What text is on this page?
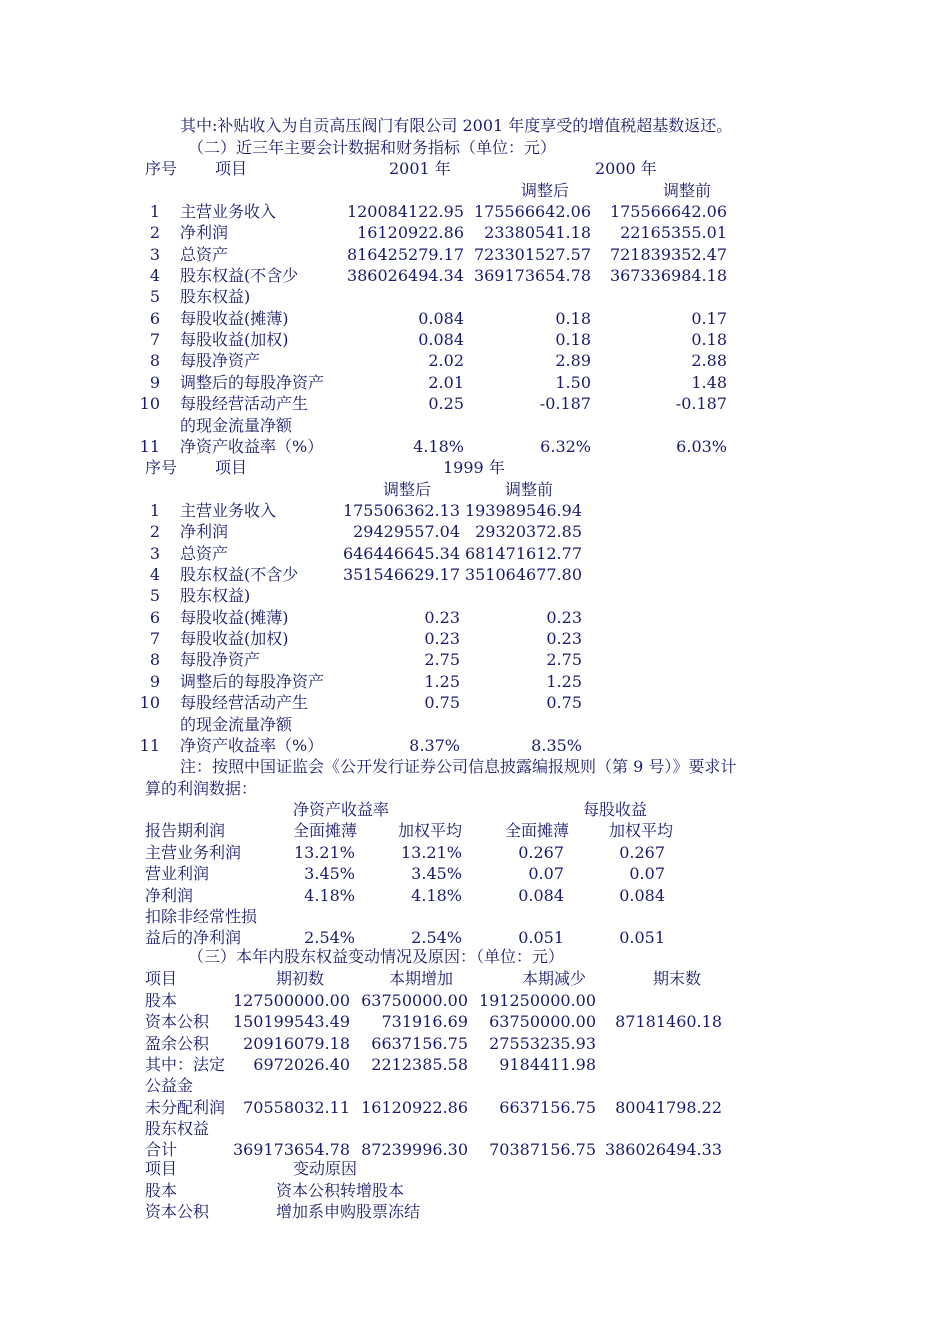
其中:补贴收入为自贡高压阀门有限公司 2001 年度享受的增值税超基数返还。
（二）近三年主要会计数据和财务指标（单位：元）
序号 项目	2001 年	2000 年
调整后	调整前
1 主营业务收入	120084122.95 175566642.06	175566642.06
2 净利润	16120922.86	23380541.18	22165355.01
3 总资产	816425279.17 723301527.57	721839352.47
4 股东权益(不含少	386026494.34 369173654.78	367336984.18
5 股东权益)
6 每股收益(摊薄)	0.084	0.18	0.17
7 每股收益(加权)	0.084	0.18	0.18
8 每股净资产	2.02	2.89	2.88
9 调整后的每股净资产	2.01	1.50	1.48
10 每股经营活动产生	0.25	-0.187	-0.187
的现金流量净额
11 净资产收益率（%）	4.18%	6.32%	6.03%
序号 项目	1999 年
调整后	调整前
1 主营业务收入	175506362.13 193989546.94
2 净利润	29429557.04 29320372.85
3 总资产	646446645.34 681471612.77
4 股东权益(不含少	351546629.17 351064677.80
5 股东权益)
6 每股收益(摊薄)	0.23	0.23
7 每股收益(加权)	0.23	0.23
8 每股净资产	2.75	2.75
9 调整后的每股净资产	1.25	1.25
10 每股经营活动产生	0.75	0.75
的现金流量净额
11 净资产收益率（%）	8.37%	8.35%
注：按照中国证监会《公开发行证券公司信息披露编报规则（第 9 号）》要求计
算的利润数据：
净资产收益率	每股收益
报告期利润	全面摊薄	加权平均	全面摊薄 加权平均
主营业务利润	13.21%	13.21%	0.267	0.267
营业利润	3.45%	3.45%	0.07	0.07
净利润	4.18%	4.18%	0.084	0.084
扣除非经常性损
益后的净利润	2.54%	2.54%	0.051	0.051
（三）本年内股东权益变动情况及原因：（单位：元）
项目	期初数	本期增加	本期减少	期末数
股本	127500000.00 63750000.00 191250000.00
资本公积	150199543.49	731916.69	63750000.00	87181460.18
盈余公积	20916079.18	6637156.75	27553235.93
其中：法定	6972026.40	2212385.58	9184411.98
公益金
未分配利润	70558032.11 16120922.86	6637156.75	80041798.22
股东权益
合计	369173654.78 87239996.30	70387156.75 386026494.33
项目	变动原因
股本	资本公积转增股本
资本公积	增加系申购股票冻结
